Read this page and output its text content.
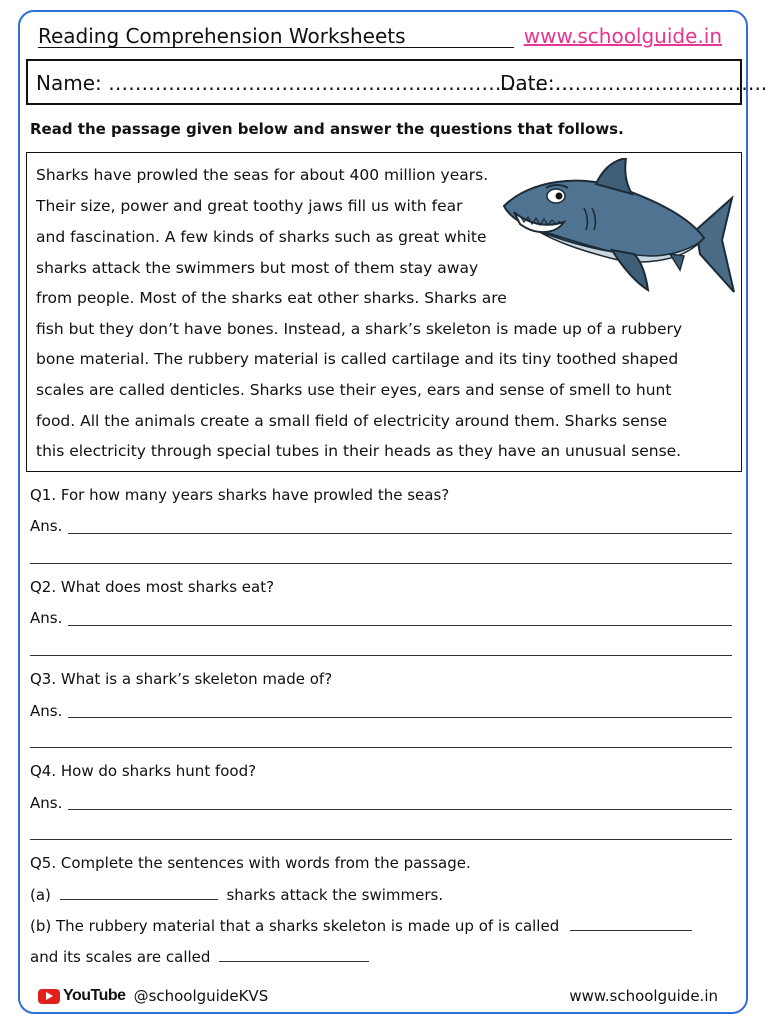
Reading Comprehension Worksheets	www.schoolguide.in
Name: …………………………………………………………….
Date:…………………………..
Read the passage given below and answer the questions that follows.
Sharks have prowled the seas for about 400 million years.
Their size, power and great toothy jaws fill us with fear
and fascination. A few kinds of sharks such as great white
sharks attack the swimmers but most of them stay away
from people. Most of the sharks eat other sharks. Sharks are
fish but they don’t have bones. Instead, a shark’s skeleton is made up of a rubbery
bone material. The rubbery material is called cartilage and its tiny toothed shaped
scales are called denticles. Sharks use their eyes, ears and sense of smell to hunt
food. All the animals create a small field of electricity around them. Sharks sense
this electricity through special tubes in their heads as they have an unusual sense.
Q1. For how many years sharks have prowled the seas?
Ans.
Q2. What does most sharks eat?
Ans.
Q3. What is a shark’s skeleton made of?
Ans.
Q4. How do sharks hunt food?
Ans.
Q5. Complete the sentences with words from the passage.
(a)	sharks attack the swimmers.
(b) The rubbery material that a sharks skeleton is made up of is called
and its scales are called
YouTube @schoolguideKVS	www.schoolguide.in
